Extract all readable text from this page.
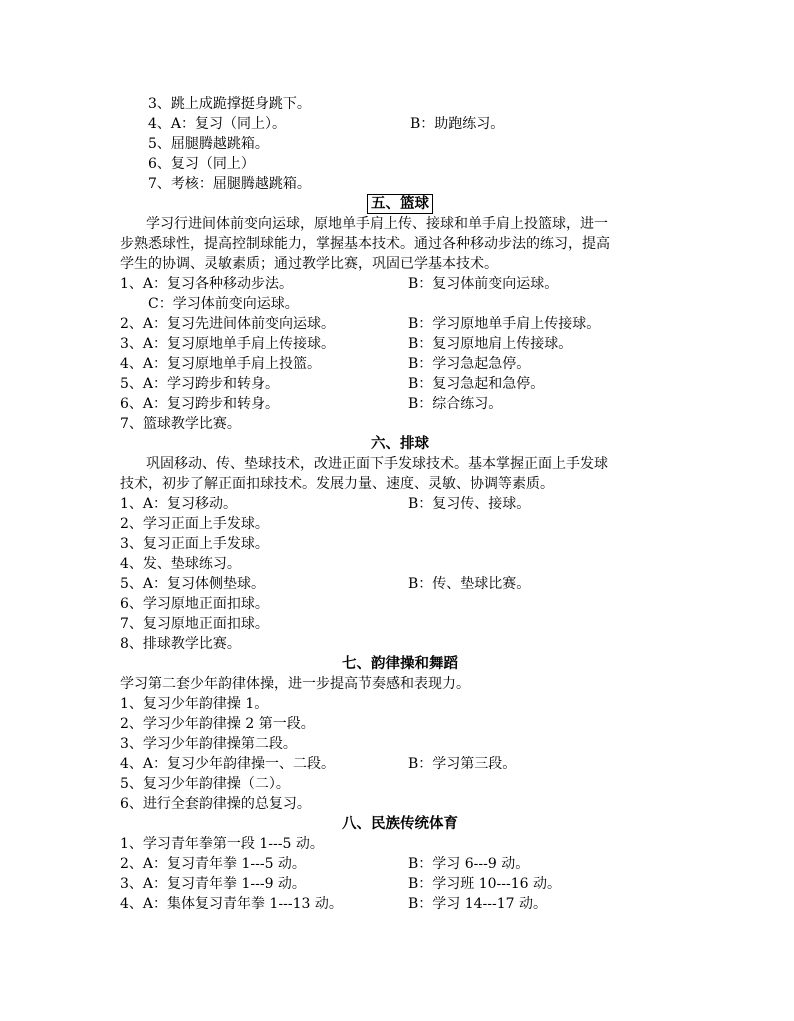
3、跳上成跪撑挺身跳下。
4、A：复习（同上）。	B：助跑练习。
5、屈腿腾越跳箱。
6、复习（同上）
7、考核：屈腿腾越跳箱。
五、篮球
学习行进间体前变向运球，原地单手肩上传、接球和单手肩上投篮球，进一
步熟悉球性，提高控制球能力，掌握基本技术。通过各种移动步法的练习，提高
学生的协调、灵敏素质；通过教学比赛，巩固已学基本技术。
1、A：复习各种移动步法。	B：复习体前变向运球。
C：学习体前变向运球。
2、A：复习先进间体前变向运球。	B：学习原地单手肩上传接球。
3、A：复习原地单手肩上传接球。	B：复习原地肩上传接球。
4、A：复习原地单手肩上投篮。	B：学习急起急停。
5、A：学习跨步和转身。	B：复习急起和急停。
6、A：复习跨步和转身。	B：综合练习。
7、篮球教学比赛。
六、排球
巩固移动、传、垫球技术，改进正面下手发球技术。基本掌握正面上手发球
技术，初步了解正面扣球技术。发展力量、速度、灵敏、协调等素质。
1、A：复习移动。	B：复习传、接球。
2、学习正面上手发球。
3、复习正面上手发球。
4、发、垫球练习。
5、A：复习体侧垫球。	B：传、垫球比赛。
6、学习原地正面扣球。
7、复习原地正面扣球。
8、排球教学比赛。
七、韵律操和舞蹈
学习第二套少年韵律体操，进一步提高节奏感和表现力。
1、复习少年韵律操 1。
2、学习少年韵律操 2 第一段。
3、学习少年韵律操第二段。
4、A：复习少年韵律操一、二段。	B：学习第三段。
5、复习少年韵律操（二）。
6、进行全套韵律操的总复习。
八、民族传统体育
1、学习青年拳第一段 1---5 动。
2、A：复习青年拳 1---5 动。	B：学习 6---9 动。
3、A：复习青年拳 1---9 动。	B：学习班 10---16 动。
4、A：集体复习青年拳 1---13 动。	B：学习 14---17 动。
